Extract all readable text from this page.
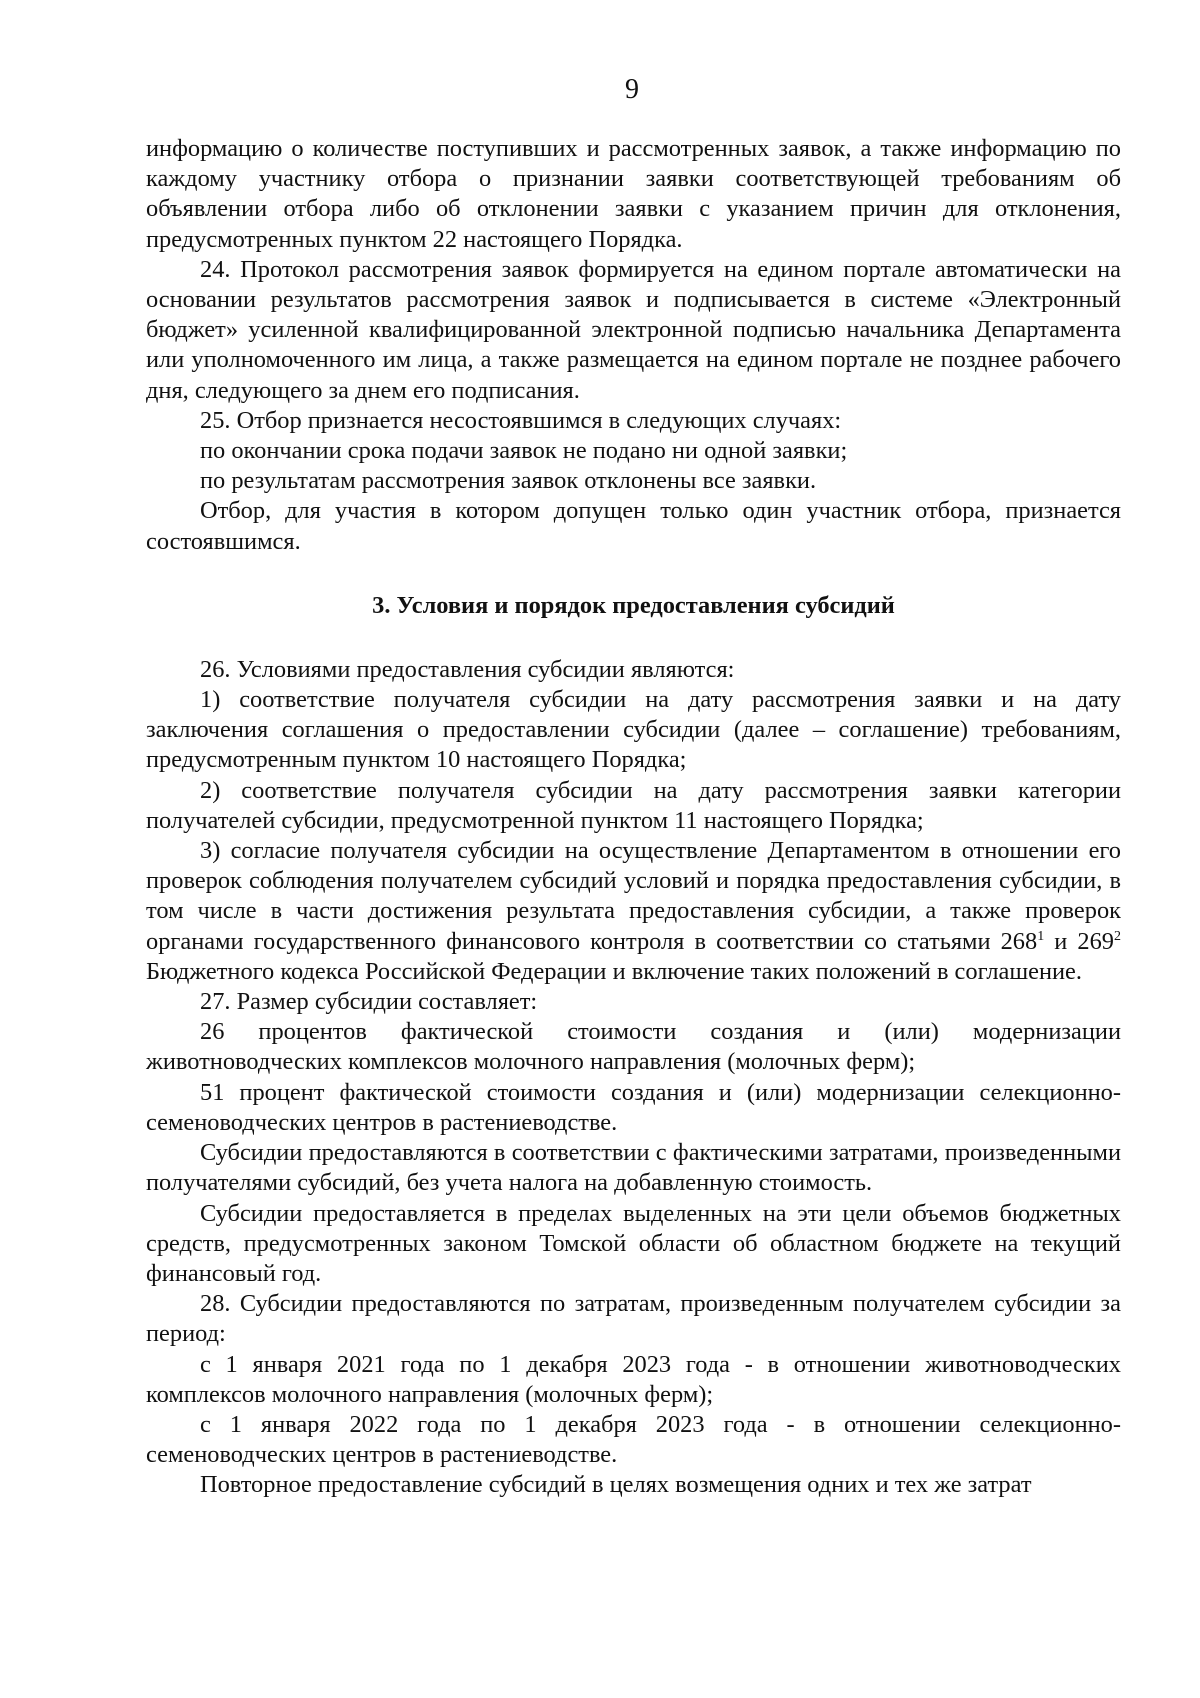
9

информацию о количестве поступивших и рассмотренных заявок, а также информацию по каждому участнику отбора о признании заявки соответствующей требованиям об объявлении отбора либо об отклонении заявки с указанием причин для отклонения, предусмотренных пунктом 22 настоящего Порядка.

24. Протокол рассмотрения заявок формируется на едином портале автоматически на основании результатов рассмотрения заявок и подписывается в системе «Электронный бюджет» усиленной квалифицированной электронной подписью начальника Департамента или уполномоченного им лица, а также размещается на едином портале не позднее рабочего дня, следующего за днем его подписания.

25. Отбор признается несостоявшимся в следующих случаях:

по окончании срока подачи заявок не подано ни одной заявки;

по результатам рассмотрения заявок отклонены все заявки.

Отбор, для участия в котором допущен только один участник отбора, признается состоявшимся.

3. Условия и порядок предоставления субсидий

26. Условиями предоставления субсидии являются:

1) соответствие получателя субсидии на дату рассмотрения заявки и на дату заключения соглашения о предоставлении субсидии (далее – соглашение) требованиям, предусмотренным пунктом 10 настоящего Порядка;

2) соответствие получателя субсидии на дату рассмотрения заявки категории получателей субсидии, предусмотренной пунктом 11 настоящего Порядка;

3) согласие получателя субсидии на осуществление Департаментом в отношении его проверок соблюдения получателем субсидий условий и порядка предоставления субсидии, в том числе в части достижения результата предоставления субсидии, а также проверок органами государственного финансового контроля в соответствии со статьями $268^1$ и $269^2$ Бюджетного кодекса Российской Федерации и включение таких положений в соглашение.

27. Размер субсидии составляет:

26 процентов фактической стоимости создания и (или) модернизации животноводческих комплексов молочного направления (молочных ферм);

51 процент фактической стоимости создания и (или) модернизации селекционно-семеноводческих центров в растениеводстве.

Субсидии предоставляются в соответствии с фактическими затратами, произведенными получателями субсидий, без учета налога на добавленную стоимость.

Субсидии предоставляется в пределах выделенных на эти цели объемов бюджетных средств, предусмотренных законом Томской области об областном бюджете на текущий финансовый год.

28. Субсидии предоставляются по затратам, произведенным получателем субсидии за период:

с 1 января 2021 года по 1 декабря 2023 года - в отношении животноводческих комплексов молочного направления (молочных ферм);

с 1 января 2022 года по 1 декабря 2023 года - в отношении селекционно-семеноводческих центров в растениеводстве.

Повторное предоставление субсидий в целях возмещения одних и тех же затрат
